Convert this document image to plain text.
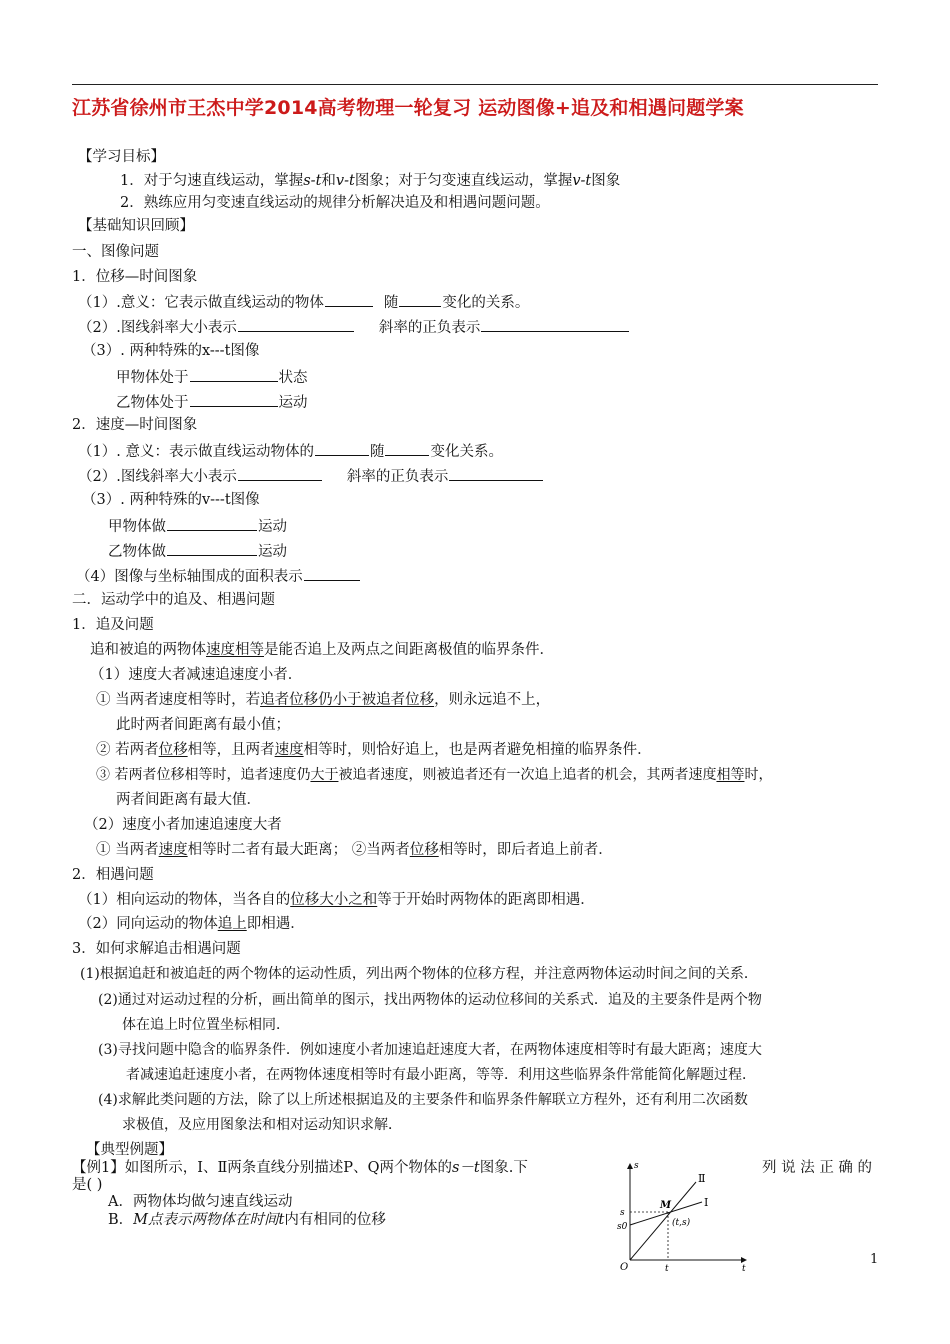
江苏省徐州市王杰中学2014高考物理一轮复习 运动图像+追及和相遇问题学案
【学习目标】
1．对于匀速直线运动，掌握s-t和v-t图象；对于匀变速直线运动，掌握v-t图象
2．熟练应用匀变速直线运动的规律分析解决追及和相遇问题问题。
【基础知识回顾】
一、图像问题
1．位移—时间图象
（1）.意义：它表示做直线运动的物体	随	变化的关系。
（2）.图线斜率大小表示	斜率的正负表示
（3）. 两种特殊的x---t图像
甲物体处于	状态
乙物体处于	运动
2．速度—时间图象
（1）. 意义：表示做直线运动物体的	随	变化关系。
（2）.图线斜率大小表示	斜率的正负表示
（3）. 两种特殊的v---t图像
甲物体做	运动
乙物体做	运动
（4）图像与坐标轴围成的面积表示
二．运动学中的追及、相遇问题
1．追及问题
追和被追的两物体速度相等是能否追上及两点之间距离极值的临界条件．
（1）速度大者减速追速度小者．
① 当两者速度相等时，若追者位移仍小于被追者位移，则永远追不上，
此时两者间距离有最小值；
② 若两者位移相等，且两者速度相等时，则恰好追上，也是两者避免相撞的临界条件．
③ 若两者位移相等时，追者速度仍大于被追者速度，则被追者还有一次追上追者的机会，其两者速度相等时，
两者间距离有最大值．
（2）速度小者加速追速度大者
① 当两者速度相等时二者有最大距离； ②当两者位移相等时，即后者追上前者．
2．相遇问题
（1）相向运动的物体，当各自的位移大小之和等于开始时两物体的距离即相遇．
（2）同向运动的物体追上即相遇．
3．如何求解追击相遇问题
(1)根据追赶和被追赶的两个物体的运动性质，列出两个物体的位移方程，并注意两物体运动时间之间的关系．
(2)通过对运动过程的分析，画出简单的图示，找出两物体的运动位移间的关系式．追及的主要条件是两个物
体在追上时位置坐标相同．
(3)寻找问题中隐含的临界条件．例如速度小者加速追赶速度大者，在两物体速度相等时有最大距离；速度大
者减速追赶速度小者，在两物体速度相等时有最小距离，等等．利用这些临界条件常能简化解题过程．
(4)求解此类问题的方法，除了以上所述根据追及的主要条件和临界条件解联立方程外，还有利用二次函数
求极值，及应用图象法和相对运动知识求解．
【典型例题】
【例1】如图所示，Ⅰ、Ⅱ两条直线分别描述P、Q两个物体的s－t图象.下	列 说 法 正 确 的
是( )
A．两物体均做匀速直线运动
B．M点表示两物体在时间t内有相同的位移
s
t
O
s
s0
t
M
(t,s)
Ⅱ
Ⅰ
1
